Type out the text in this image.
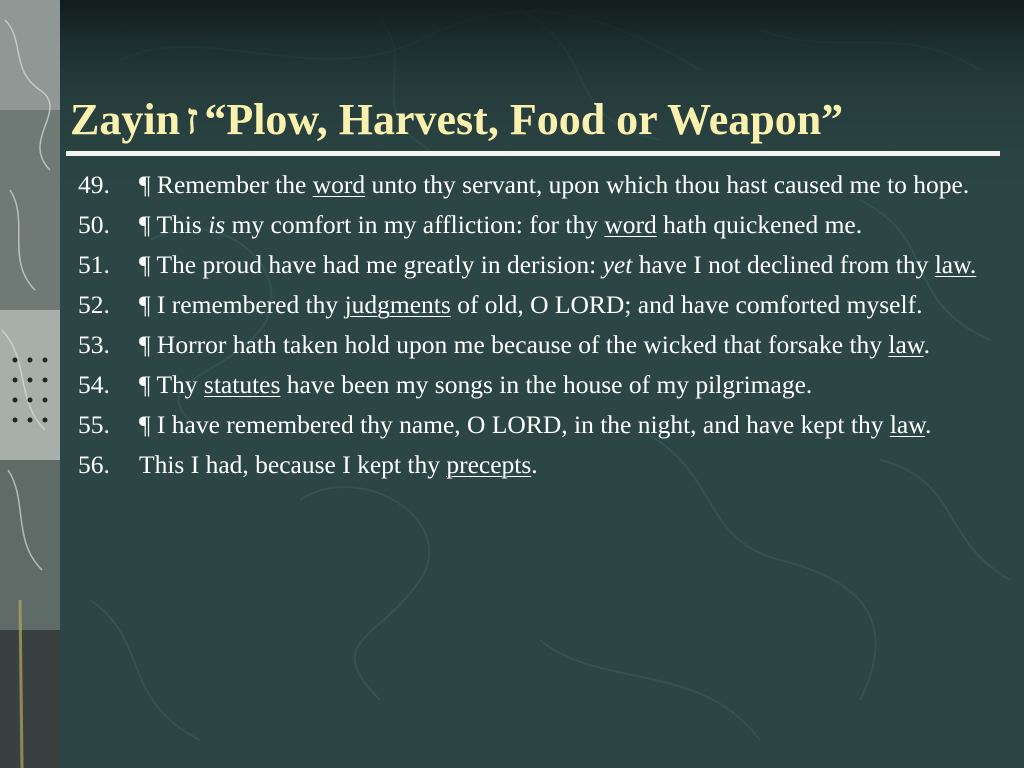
Zayin ז “Plow, Harvest, Food or Weapon”
49.	¶ Remember the word unto thy servant, upon which thou hast caused me to hope.
50.	¶ This is my comfort in my affliction: for thy word hath quickened me.
51.	¶ The proud have had me greatly in derision: yet have I not declined from thy law.
52.	¶ I remembered thy judgments of old, O LORD; and have comforted myself.
53.	¶ Horror hath taken hold upon me because of the wicked that forsake thy law.
54.	¶ Thy statutes have been my songs in the house of my pilgrimage.
55.	¶ I have remembered thy name, O LORD, in the night, and have kept thy law.
56.	This I had, because I kept thy precepts.
